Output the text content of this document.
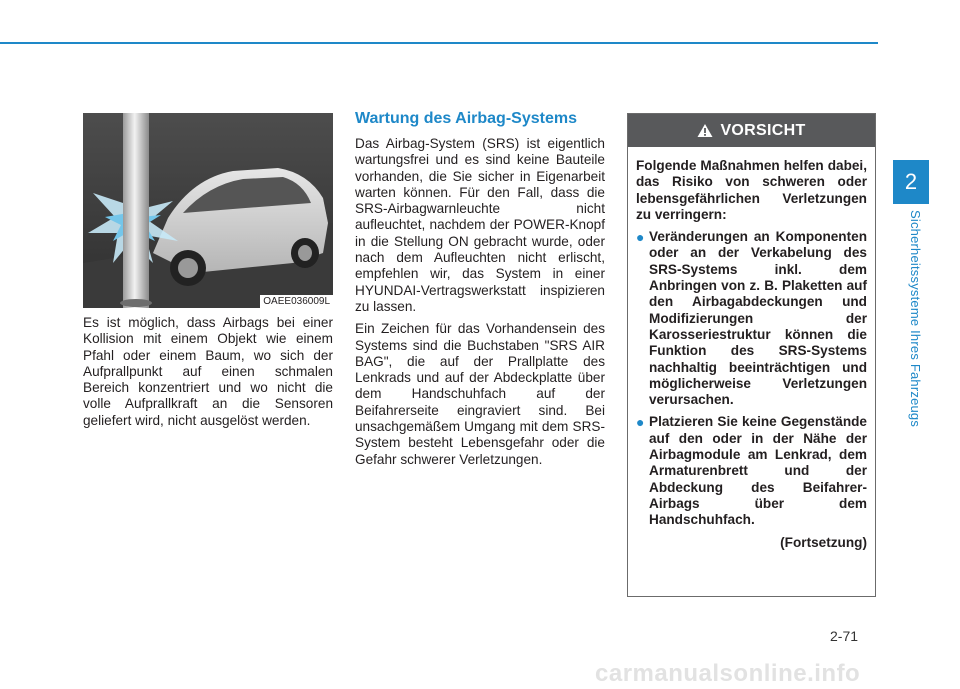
2
Sicherheitssysteme Ihres Fahrzeugs
OAEE036009L

Es ist möglich, dass Airbags bei einer Kollision mit einem Objekt wie einem Pfahl oder einem Baum, wo sich der Aufprallpunkt auf einen schmalen Bereich konzentriert und wo nicht die volle Aufprallkraft an die Sensoren geliefert wird, nicht ausgelöst werden.

Wartung des Airbag-Systems

Das Airbag-System (SRS) ist eigentlich wartungsfrei und es sind keine Bauteile vorhanden, die Sie sicher in Eigenarbeit warten können. Für den Fall, dass die SRS-Airbagwarnleuchte nicht aufleuchtet, nachdem der POWER-Knopf in die Stellung ON gebracht wurde, oder nach dem Aufleuchten nicht erlischt, empfehlen wir, das System in einer HYUNDAI-Vertragswerkstatt inspizieren zu lassen.

Ein Zeichen für das Vorhandensein des Systems sind die Buchstaben "SRS AIR BAG", die auf der Prallplatte des Lenkrads und auf der Abdeckplatte über dem Handschuhfach auf der Beifahrerseite eingraviert sind. Bei unsachgemäßem Umgang mit dem SRS-System besteht Lebensgefahr oder die Gefahr schwerer Verletzungen.

VORSICHT
Folgende Maßnahmen helfen dabei, das Risiko von schweren oder lebensgefährlichen Verletzungen zu verringern:
● Veränderungen an Komponenten oder an der Verkabelung des SRS-Systems inkl. dem Anbringen von z. B. Plaketten auf den Airbagabdeckungen und Modifizierungen der Karosseriestruktur können die Funktion des SRS-Systems nachhaltig beeinträchtigen und möglicherweise Verletzungen verursachen.
● Platzieren Sie keine Gegenstände auf den oder in der Nähe der Airbagmodule am Lenkrad, dem Armaturenbrett und der Abdeckung des Beifahrer-Airbags über dem Handschuhfach.
(Fortsetzung)
2-71
carmanualsonline.info
